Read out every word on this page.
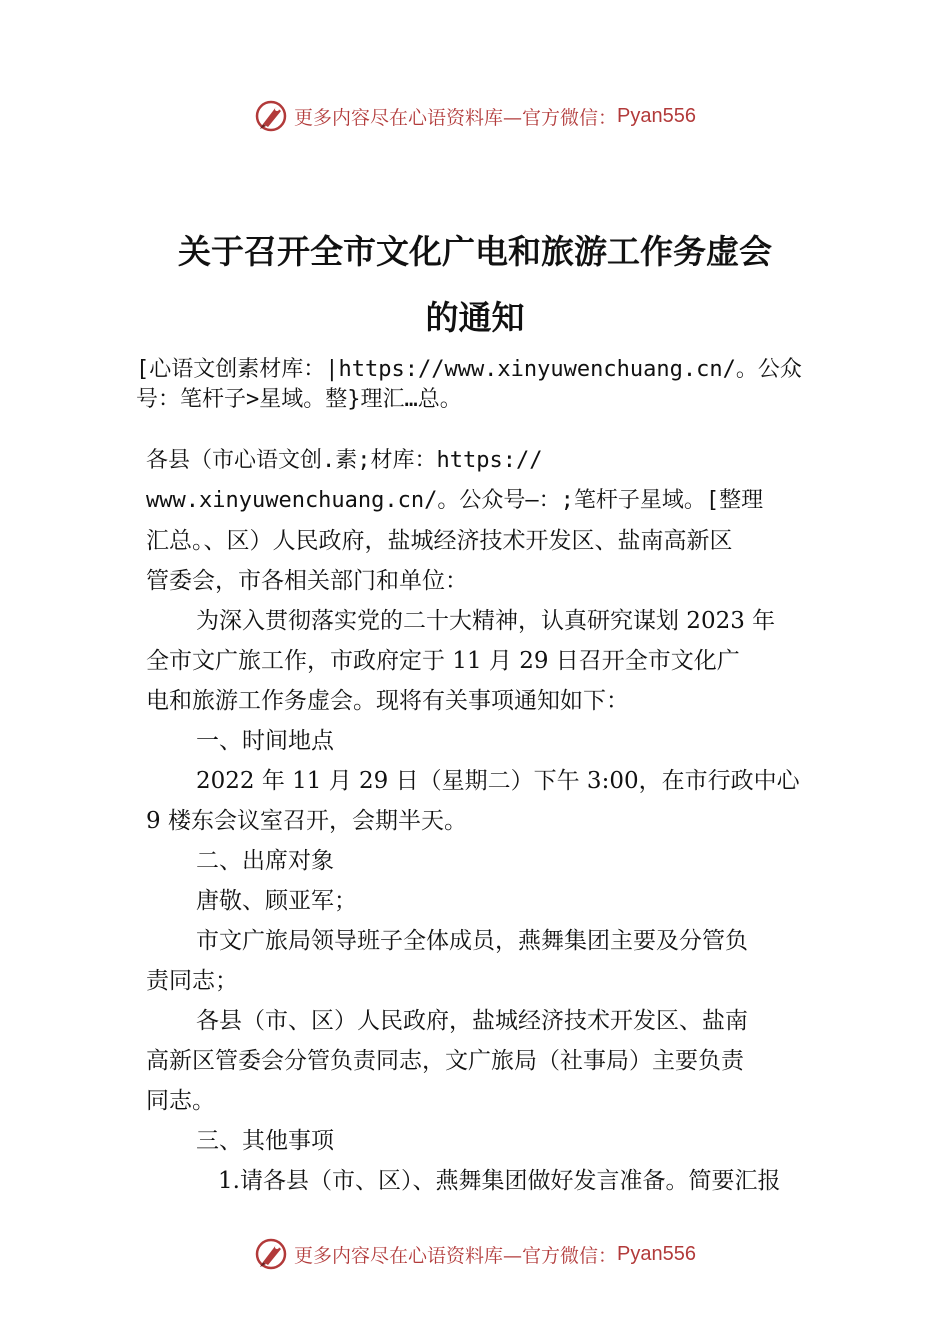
更多内容尽在心语资料库—官方微信： Pyan556
关于召开全市文化广电和旅游工作务虚会
的通知
[心语文创素材库：|https://www.xinyuwenchuang.cn/。公众号：笔杆子>星域。整}理汇…总。

各县（市心语文创.素;材库：https://

www.xinyuwenchuang.cn/。公众号—：;笔杆子星域。[整理

汇总。、区）人民政府，盐城经济技术开发区、盐南高新区

管委会，市各相关部门和单位：

为深入贯彻落实党的二十大精神，认真研究谋划 2023 年

全市文广旅工作，市政府定于 11 月 29 日召开全市文化广

电和旅游工作务虚会。现将有关事项通知如下：

一、时间地点

2022 年 11 月 29 日（星期二）下午 3:00，在市行政中心

9 楼东会议室召开，会期半天。

二、出席对象

唐敬、顾亚军；

市文广旅局领导班子全体成员，燕舞集团主要及分管负

责同志；

各县（市、区）人民政府，盐城经济技术开发区、盐南

高新区管委会分管负责同志，文广旅局（社事局）主要负责

同志。

三、其他事项

1.请各县（市、区）、燕舞集团做好发言准备。简要汇报

更多内容尽在心语资料库—官方微信： Pyan556
